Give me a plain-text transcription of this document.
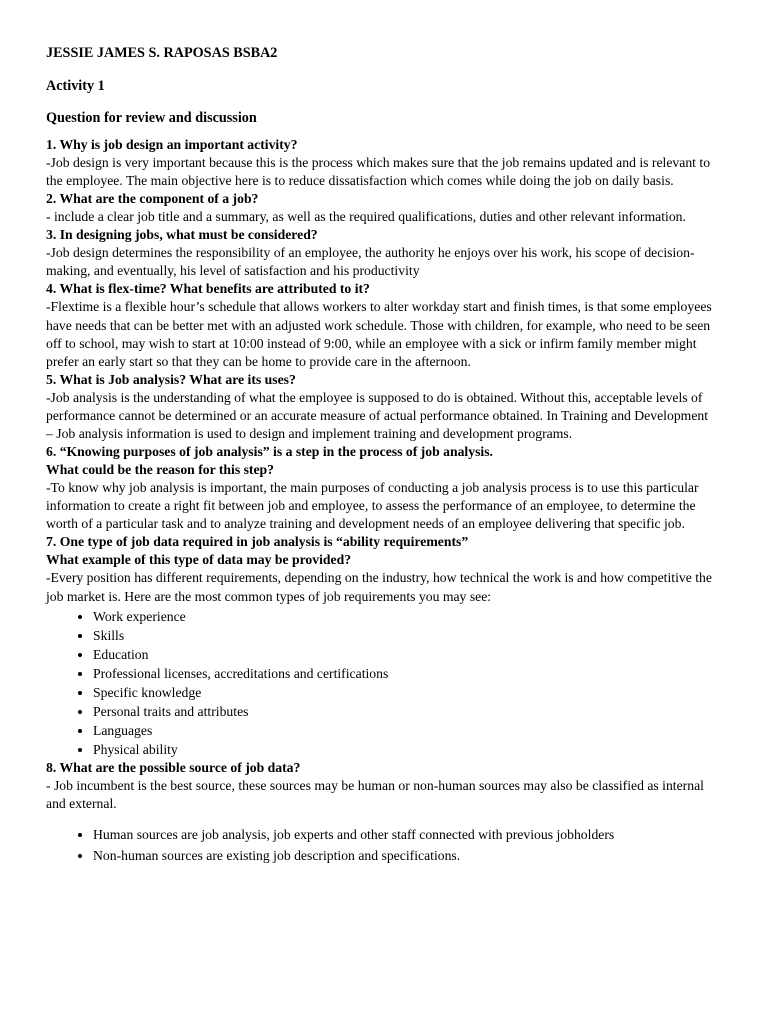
JESSIE JAMES S. RAPOSAS BSBA2
Activity 1
Question for review and discussion
1. Why is job design an important activity?
-Job design is very important because this is the process which makes sure that the job remains updated and is relevant to the employee. The main objective here is to reduce dissatisfaction which comes while doing the job on daily basis.
2. What are the component of a job?
- include a clear job title and a summary, as well as the required qualifications, duties and other relevant information.
3. In designing jobs, what must be considered?
-Job design determines the responsibility of an employee, the authority he enjoys over his work, his scope of decision-making, and eventually, his level of satisfaction and his productivity
4. What is flex-time? What benefits are attributed to it?
-Flextime is a flexible hour’s schedule that allows workers to alter workday start and finish times, is that some employees have needs that can be better met with an adjusted work schedule. Those with children, for example, who need to be seen off to school, may wish to start at 10:00 instead of 9:00, while an employee with a sick or infirm family member might prefer an early start so that they can be home to provide care in the afternoon.
5. What is Job analysis? What are its uses?
-Job analysis is the understanding of what the employee is supposed to do is obtained. Without this, acceptable levels of performance cannot be determined or an accurate measure of actual performance obtained. In Training and Development – Job analysis information is used to design and implement training and development programs.
6. “Knowing purposes of job analysis” is a step in the process of job analysis.
What could be the reason for this step?
-To know why job analysis is important, the main purposes of conducting a job analysis process is to use this particular information to create a right fit between job and employee, to assess the performance of an employee, to determine the worth of a particular task and to analyze training and development needs of an employee delivering that specific job.
7. One type of job data required in job analysis is “ability requirements”
What example of this type of data may be provided?
-Every position has different requirements, depending on the industry, how technical the work is and how competitive the job market is. Here are the most common types of job requirements you may see:
• Work experience
• Skills
• Education
• Professional licenses, accreditations and certifications
• Specific knowledge
• Personal traits and attributes
• Languages
• Physical ability
8. What are the possible source of job data?
- Job incumbent is the best source, these sources may be human or non-human sources may also be classified as internal and external.
• Human sources are job analysis, job experts and other staff connected with previous jobholders
• Non-human sources are existing job description and specifications.
